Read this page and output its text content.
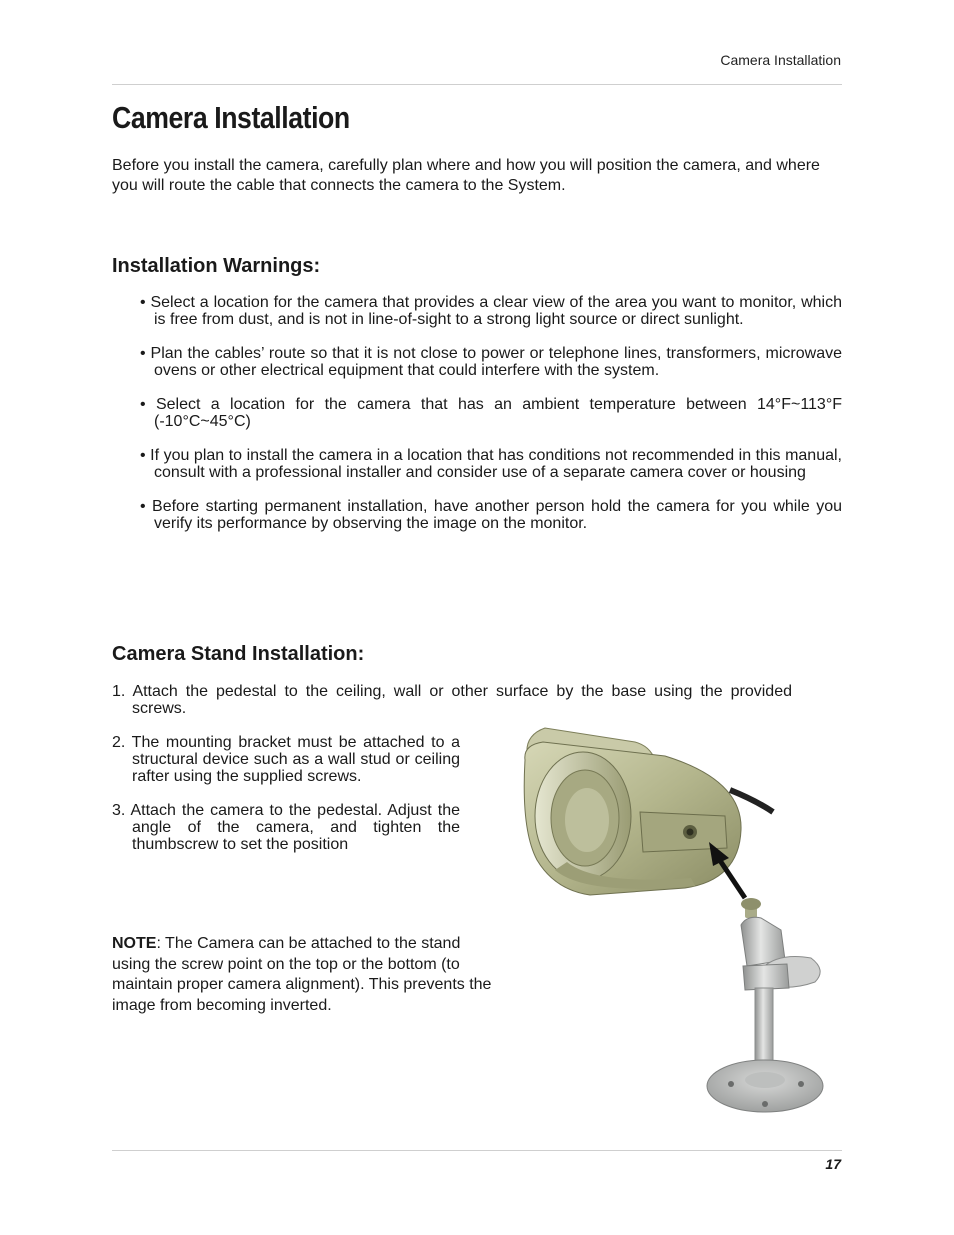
Camera Installation
Camera Installation

Before you install the camera, carefully plan where and how you will position the camera, and where you will route the cable that connects the camera to the System.

Installation Warnings:
• Select a location for the camera that provides a clear view of the area you want to monitor, which is free from dust, and is not in line-of-sight to a strong light source or direct sunlight.
• Plan the cables’ route so that it is not close to power or telephone lines, transformers, microwave ovens or other electrical equipment that could interfere with the system.
• Select a location for the camera that has an ambient temperature between 14°F~113°F (-10°C~45°C)
• If you plan to install the camera in a location that has conditions not recommended in this manual, consult with a professional installer and consider use of a separate camera cover or housing
• Before starting permanent installation, have another person hold the camera for you while you verify its performance by observing the image on the monitor.
Camera Stand Installation:
1. Attach the pedestal to the ceiling, wall or other surface by the base using the provided screws.
2. The mounting bracket must be attached to a structural device such as a wall stud or ceiling rafter using the supplied screws.
3. Attach the camera to the pedestal. Adjust the angle of the camera, and tighten the thumbscrew to set the position

NOTE: The Camera can be attached to the stand using the screw point on the top or the bottom (to maintain proper camera alignment). This prevents the image from becoming inverted.

17
